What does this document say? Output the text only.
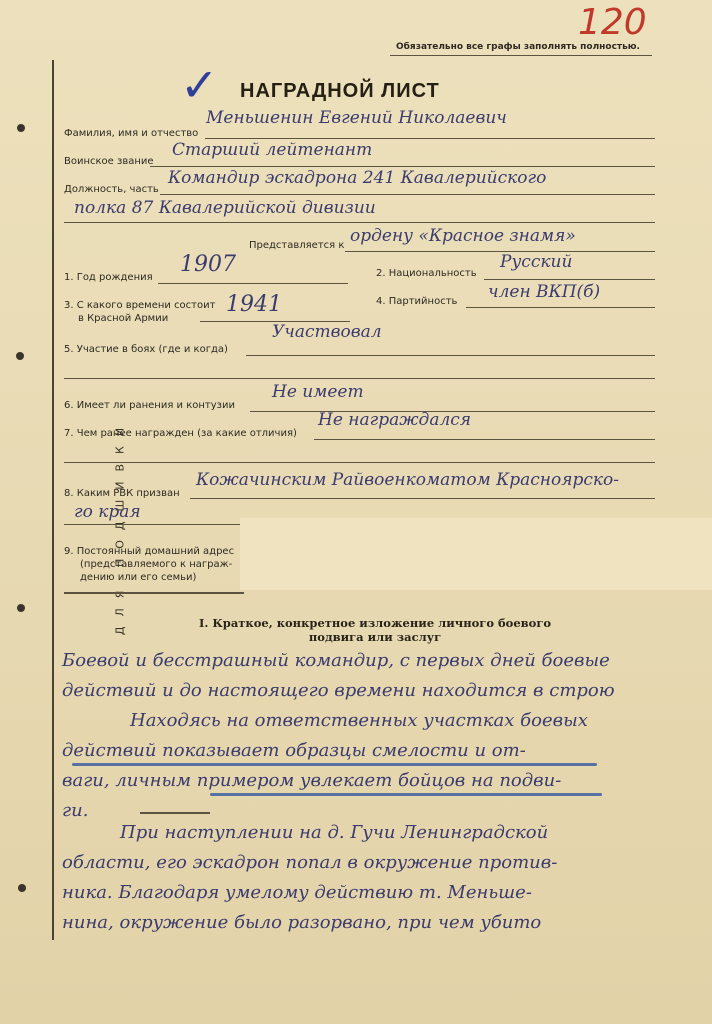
120
Обязательно все графы заполнять полностью.
✓ НАГРАДНОЙ ЛИСТ
ДЛЯ ПОДШИВКИ
Фамилия, имя и отчество
Меньшенин Евгений Николаевич
Воинское звание
Старший лейтенант
Должность, часть
Командир эскадрона 241 Кавалерийского
полка 87 Кавалерийской дивизии
Представляется к ордену «Красное знамя»
1. Год рождения
1907	2. Национальность
Русский
3. С какого времени состоит
в Красной Армии
1941	4. Партийность член ВКП(б)
5. Участие в боях (где и когда)
Участвовал
6. Имеет ли ранения и контузии
Не имеет
7. Чем ранее награжден (за какие отличия)
Не награждался
8. Каким РВК призван
Кожачинским Райвоенкоматом Красноярско-
го края
9. Постоянный домашний адрес
(представляемого к награж-
дению или его семьи)
I. Краткое, конкретное изложение личного боевого
подвига или заслуг
Боевой и бесстрашный командир, с первых дней боевые
действий и до настоящего времени находится в строю
Находясь на ответственных участках боевых
действий показывает образцы смелости и от-
ваги, личным примером увлекает бойцов на подви-
ги.
При наступлении на д. Гучи Ленинградской
области, его эскадрон попал в окружение против-
ника. Благодаря умелому действию т. Меньше-
нина, окружение было разорвано, при чем убито
